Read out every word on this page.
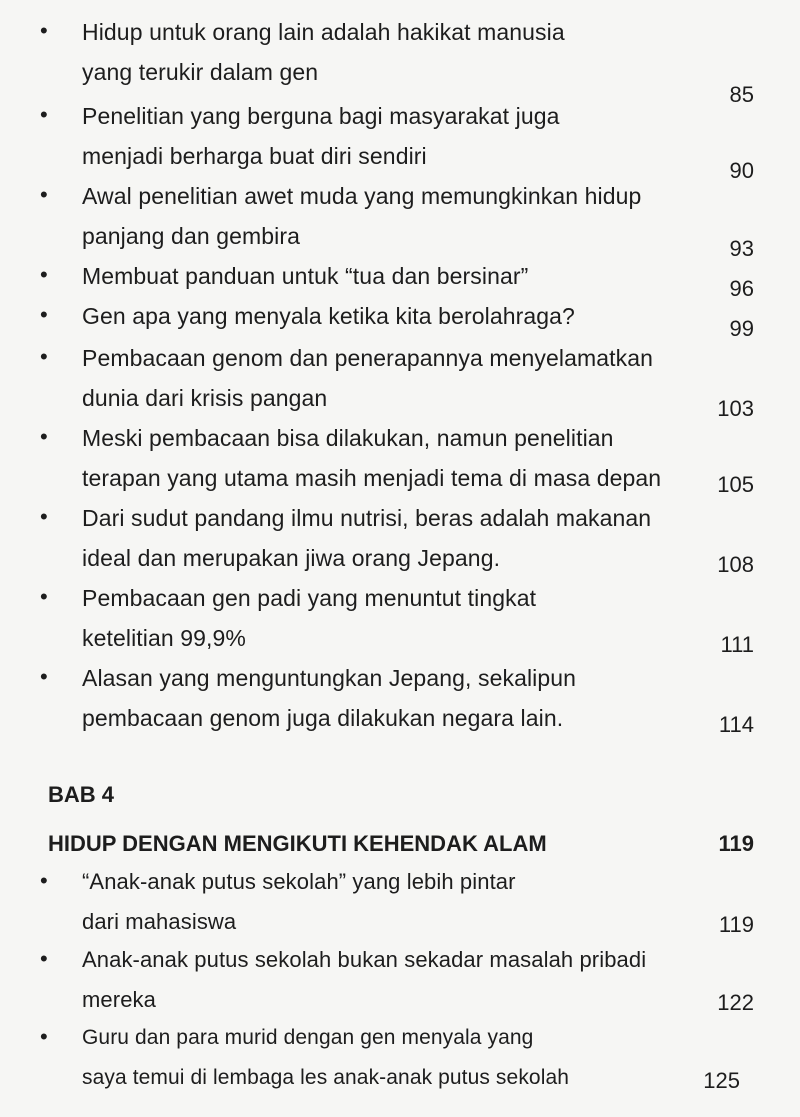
• Hidup untuk orang lain adalah hakikat manusia
yang terukir dalam gen
85
• Penelitian yang berguna bagi masyarakat juga
menjadi berharga buat diri sendiri
90
• Awal penelitian awet muda yang memungkinkan hidup
panjang dan gembira	93
• Membuat panduan untuk “tua dan bersinar”	96
• Gen apa yang menyala ketika kita berolahraga?	99
• Pembacaan genom dan penerapannya menyelamatkan
dunia dari krisis pangan	103
• Meski pembacaan bisa dilakukan, namun penelitian
terapan yang utama masih menjadi tema di masa depan	105
• Dari sudut pandang ilmu nutrisi, beras adalah makanan
ideal dan merupakan jiwa orang Jepang.	108
• Pembacaan gen padi yang menuntut tingkat
ketelitian 99,9%	111
• Alasan yang menguntungkan Jepang, sekalipun
pembacaan genom juga dilakukan negara lain.	114
BAB 4
HIDUP DENGAN MENGIKUTI KEHENDAK ALAM	119
• “Anak-anak putus sekolah” yang lebih pintar
dari mahasiswa	119
• Anak-anak putus sekolah bukan sekadar masalah pribadi
mereka	122
• Guru dan para murid dengan gen menyala yang
saya temui di lembaga les anak-anak putus sekolah	125
